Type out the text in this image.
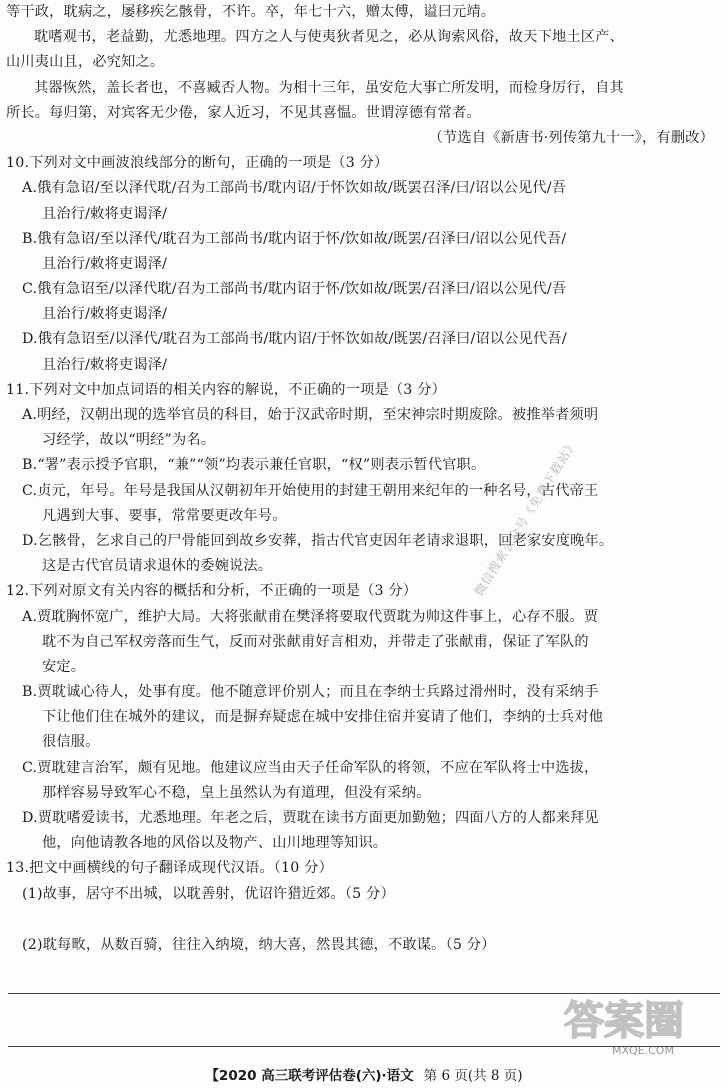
等干政，耽病之，屡移疾乞骸骨，不许。卒，年七十六，赠太傅，谥曰元靖。
耽嗜观书，老益勤，尤悉地理。四方之人与使夷狄者见之，必从询索风俗，故天下地土区产、
山川夷山且，必究知之。
其器恢然，盖长者也，不喜臧否人物。为相十三年，虽安危大事亡所发明，而检身厉行，自其
所长。每归第，对宾客无少倦，家人近习，不见其喜愠。世谓淳德有常者。
（节选自《新唐书·列传第九十一》，有删改）
10.下列对文中画波浪线部分的断句，正确的一项是（3 分）
A.俄有急诏/至以泽代耽/召为工部尚书/耽内诏/于怀饮如故/既罢召泽/曰/诏以公见代/吾
且治行/敕将吏谒泽/
B.俄有急诏/至以泽代/耽召为工部尚书/耽内诏于怀/饮如故/既罢/召泽曰/诏以公见代吾/
且治行/敕将吏谒泽/
C.俄有急诏至/以泽代耽/召为工部尚书/耽内诏于怀/饮如故/既罢/召泽曰/诏以公见代/吾
且治行/敕将吏谒泽/
D.俄有急诏至/以泽代/耽召为工部尚书/耽内诏/于怀饮如故/既罢/召泽曰/诏以公见代吾/
且治行/敕将吏谒泽/
11.下列对文中加点词语的相关内容的解说，不正确的一项是（3 分）
A.明经，汉朝出现的选举官员的科目，始于汉武帝时期，至宋神宗时期废除。被推举者须明
习经学，故以“明经”为名。
B.“署”表示授予官职，“兼”“领”均表示兼任官职，“权”则表示暂代官职。
C.贞元，年号。年号是我国从汉朝初年开始使用的封建王朝用来纪年的一种名号，古代帝王
凡遇到大事、要事，常常要更改年号。
D.乞骸骨，乞求自己的尸骨能回到故乡安葬，指古代官吏因年老请求退职，回老家安度晚年。
这是古代官员请求退休的委婉说法。
12.下列对原文有关内容的概括和分析，不正确的一项是（3 分）
A.贾耽胸怀宽广，维护大局。大将张献甫在樊泽将要取代贾耽为帅这件事上，心存不服。贾
耽不为自己军权旁落而生气，反而对张献甫好言相劝，并带走了张献甫，保证了军队的
安定。
B.贾耽诚心待人，处事有度。他不随意评价别人；而且在李纳士兵路过滑州时，没有采纳手
下让他们住在城外的建议，而是摒弃疑虑在城中安排住宿并宴请了他们，李纳的士兵对他
很信服。
C.贾耽建言治军，颇有见地。他建议应当由天子任命军队的将领，不应在军队将士中选拔，
那样容易导致军心不稳，皇上虽然认为有道理，但没有采纳。
D.贾耽嗜爱读书，尤悉地理。年老之后，贾耽在读书方面更加勤勉；四面八方的人都来拜见
他，向他请教各地的风俗以及物产、山川地理等知识。
13.把文中画横线的句子翻译成现代汉语。（10 分）
(1)故事，居守不出城，以耽善射，优诏许猎近郊。（5 分）
(2)耽每畋，从数百骑，往往入纳境，纳大喜，然畏其德，不敢谋。（5 分）
【2020 高三联考评估卷(六)·语文 第 6 页(共 8 页)
微信搜索公众号《免费下载站》
答案圈
MXQE.COM
